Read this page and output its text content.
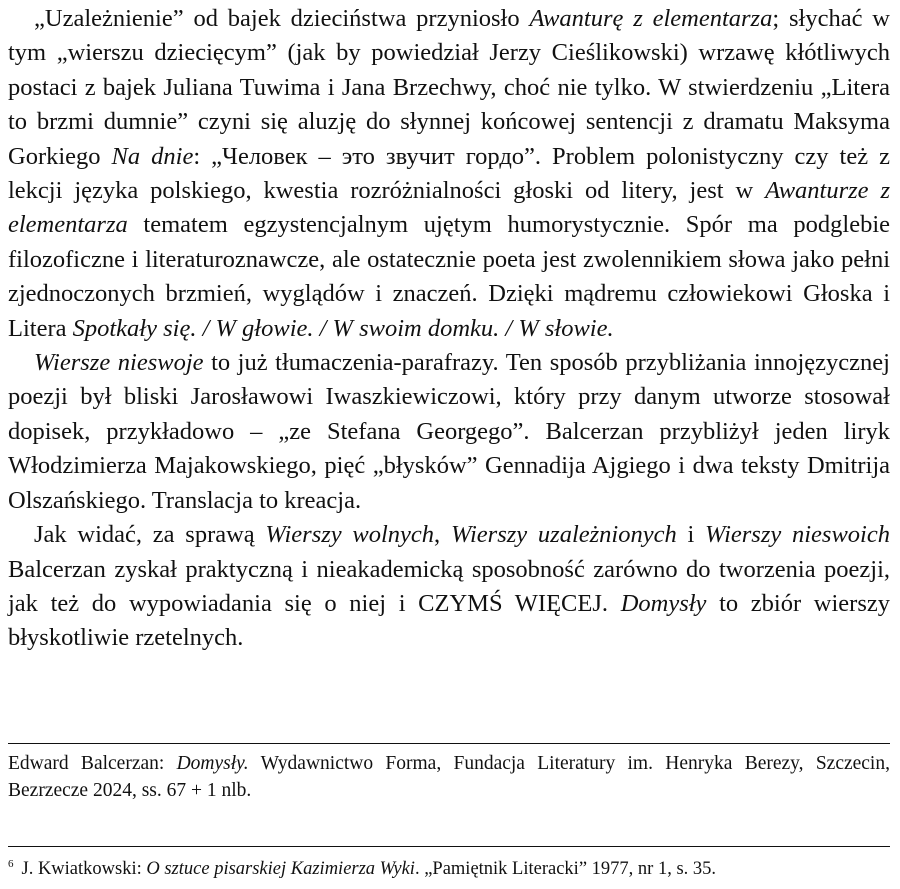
„Uzależnienie” od bajek dzieciństwa przyniosło Awanturę z elementarza; słychać w tym „wierszu dziecięcym” (jak by powiedział Jerzy Cieślikowski) wrzawę kłótliwych postaci z bajek Juliana Tuwima i Jana Brzechwy, choć nie tylko. W stwierdzeniu „Litera to brzmi dumnie” czyni się aluzję do słynnej końcowej sentencji z dramatu Maksyma Gorkiego Na dnie: „Человек – это звучит гордо”. Problem polonistyczny czy też z lekcji języka polskiego, kwestia rozróżnialności głoski od litery, jest w Awanturze z elementarza tematem egzystencjalnym ujętym humorystycznie. Spór ma podglebie filozoficzne i literaturoznawcze, ale ostatecznie poeta jest zwolennikiem słowa jako pełni zjednoczonych brzmień, wyglądów i znaczeń. Dzięki mądremu człowiekowi Głoska i Litera Spotkały się. / W głowie. / W swoim domku. / W słowie.

Wiersze nieswoje to już tłumaczenia-parafrazy. Ten sposób przybliżania innojęzycznej poezji był bliski Jarosławowi Iwaszkiewiczowi, który przy danym utworze stosował dopisek, przykładowo – „ze Stefana Georgego”. Balcerzan przybliżył jeden liryk Włodzimierza Majakowskiego, pięć „błysków” Gennadija Ajgiego i dwa teksty Dmitrija Olszańskiego. Translacja to kreacja.

Jak widać, za sprawą Wierszy wolnych, Wierszy uzależnionych i Wierszy nieswoich Balcerzan zyskał praktyczną i nieakademicką sposobność zarówno do tworzenia poezji, jak też do wypowiadania się o niej i CZYMŚ WIĘCEJ. Domysły to zbiór wierszy błyskotliwie rzetelnych.

Edward Balcerzan: Domysły. Wydawnictwo Forma, Fundacja Literatury im. Henryka Berezy, Szczecin, Bezrzecze 2024, ss. 67 + 1 nlb.

$^6$ J. Kwiatkowski: O sztuce pisarskiej Kazimierza Wyki. „Pamiętnik Literacki” 1977, nr 1, s. 35.
